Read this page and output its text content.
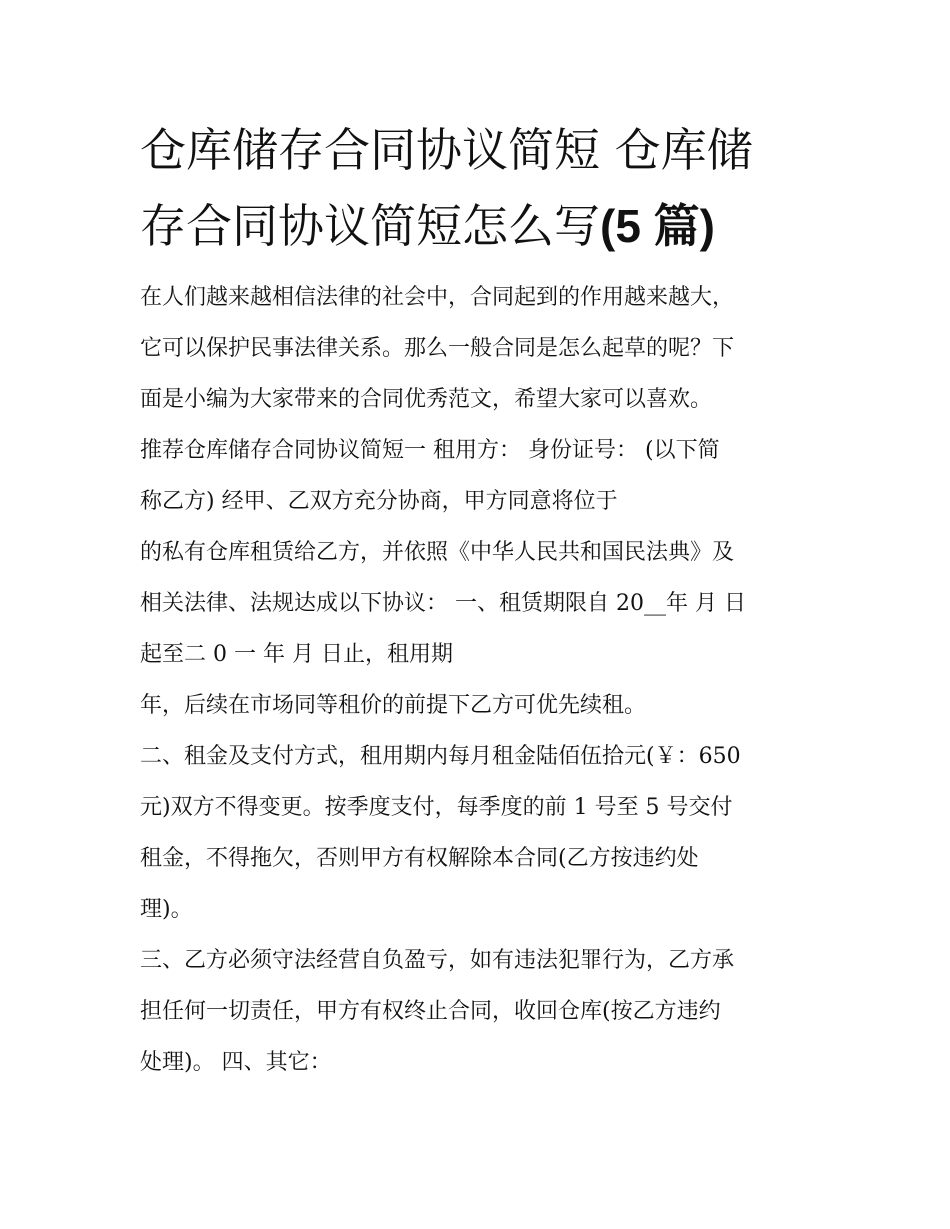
仓库储存合同协议简短 仓库储
存合同协议简短怎么写(5 篇)
在人们越来越相信法律的社会中，合同起到的作用越来越大，
它可以保护民事法律关系。那么一般合同是怎么起草的呢？下
面是小编为大家带来的合同优秀范文，希望大家可以喜欢。
推荐仓库储存合同协议简短一 租用方： 身份证号： (以下简
称乙方) 经甲、乙双方充分协商，甲方同意将位于
的私有仓库租赁给乙方，并依照《中华人民共和国民法典》及
相关法律、法规达成以下协议： 一、租赁期限自 20__年 月 日
起至二 0 一 年 月 日止，租用期
年，后续在市场同等租价的前提下乙方可优先续租。
二、租金及支付方式，租用期内每月租金陆佰伍拾元(￥：650
元)双方不得变更。按季度支付，每季度的前 1 号至 5 号交付
租金，不得拖欠，否则甲方有权解除本合同(乙方按违约处
理)。
三、乙方必须守法经营自负盈亏，如有违法犯罪行为，乙方承
担任何一切责任，甲方有权终止合同，收回仓库(按乙方违约
处理)。 四、其它：
